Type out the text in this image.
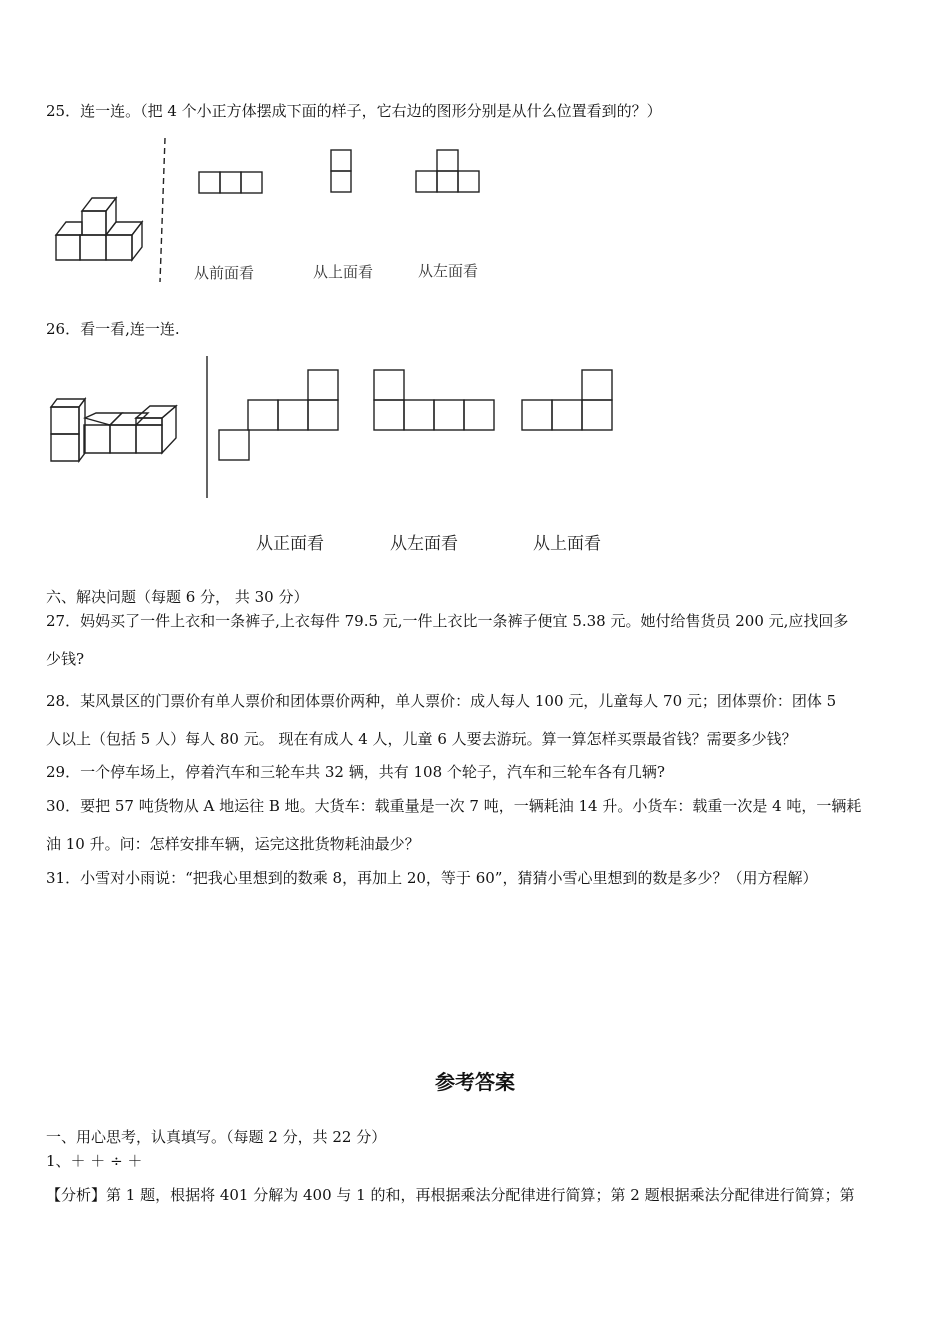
25．连一连。（把 4 个小正方体摆成下面的样子，它右边的图形分别是从什么位置看到的？）
从前面看	从上面看	从左面看
26．看一看,连一连.
从正面看	从左面看	从上面看
六、解决问题（每题 6 分， 共 30 分）
27．妈妈买了一件上衣和一条裤子,上衣每件 79.5 元,一件上衣比一条裤子便宜 5.38 元。她付给售货员 200 元,应找回多
少钱?
28．某风景区的门票价有单人票价和团体票价两种，单人票价：成人每人 100 元，儿童每人 70 元；团体票价：团体 5
人以上（包括 5 人）每人 80 元。 现在有成人 4 人，儿童 6 人要去游玩。算一算怎样买票最省钱？需要多少钱？
29．一个停车场上，停着汽车和三轮车共 32 辆，共有 108 个轮子，汽车和三轮车各有几辆?
30．要把 57 吨货物从 A 地运往 B 地。大货车：载重量是一次 7 吨，一辆耗油 14 升。小货车：载重一次是 4 吨，一辆耗
油 10 升。问：怎样安排车辆，运完这批货物耗油最少？
31．小雪对小雨说：“把我心里想到的数乘 8，再加上 20，等于 60”，猜猜小雪心里想到的数是多少？（用方程解）
参考答案
一、用心思考，认真填写。（每题 2 分，共 22 分）
1、＋ ＋ ÷ ＋
【分析】第 1 题，根据将 401 分解为 400 与 1 的和，再根据乘法分配律进行简算；第 2 题根据乘法分配律进行简算；第
